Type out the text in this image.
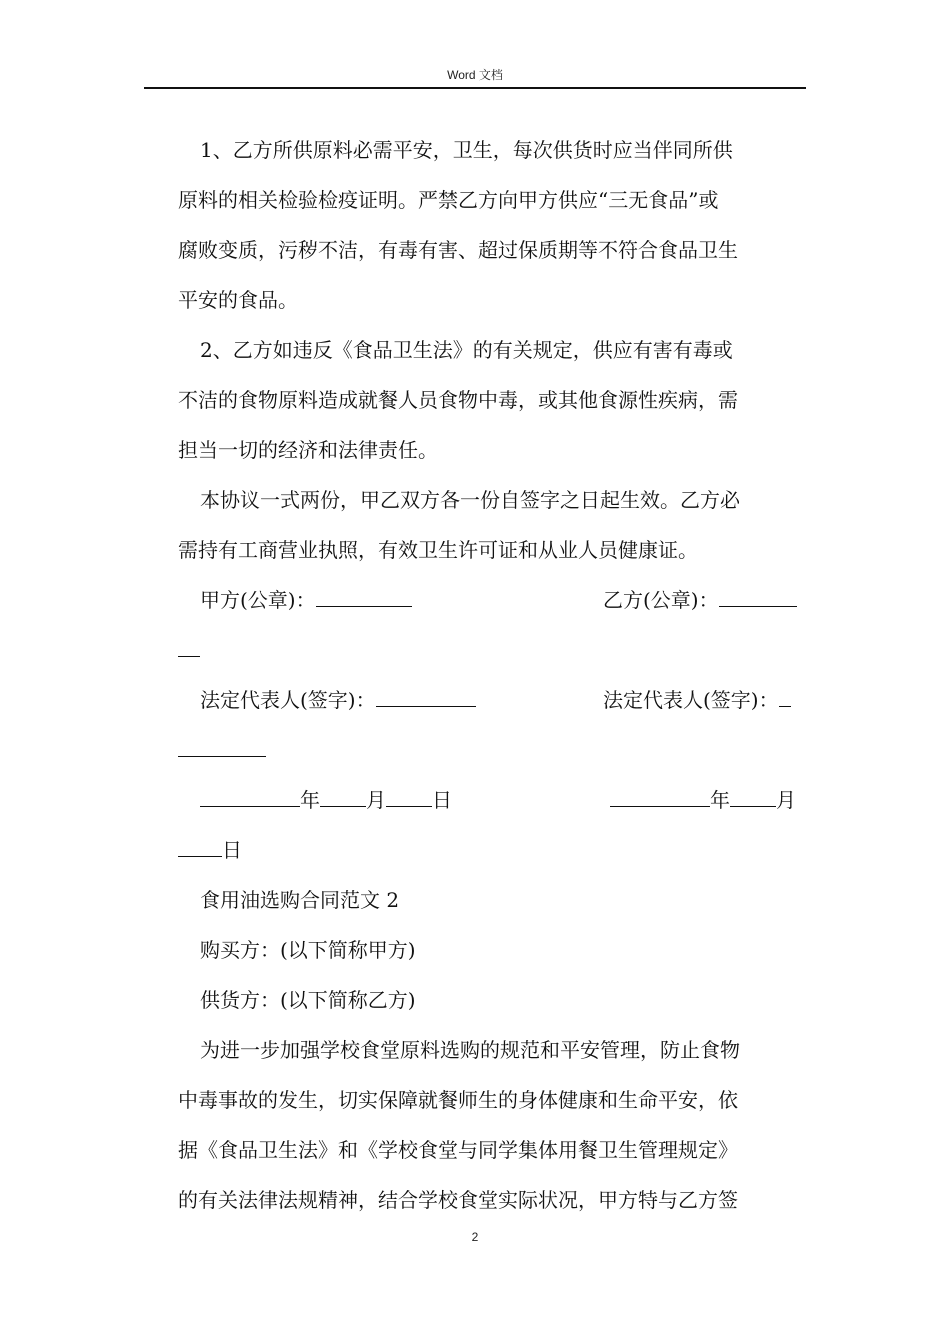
Word 文档
1、乙方所供原料必需平安，卫生，每次供货时应当伴同所供
原料的相关检验检疫证明。严禁乙方向甲方供应“三无食品”或
腐败变质，污秽不洁，有毒有害、超过保质期等不符合食品卫生
平安的食品。
2、乙方如违反《食品卫生法》的有关规定，供应有害有毒或
不洁的食物原料造成就餐人员食物中毒，或其他食源性疾病，需
担当一切的经济和法律责任。
本协议一式两份，甲乙双方各一份自签字之日起生效。乙方必
需持有工商营业执照，有效卫生许可证和从业人员健康证。
甲方(公章)：	乙方(公章)：
法定代表人(签字)：	法定代表人(签字)：
年 月 日	年 月
日
食用油选购合同范文 2
购买方：(以下简称甲方)
供货方：(以下简称乙方)
为进一步加强学校食堂原料选购的规范和平安管理，防止食物
中毒事故的发生，切实保障就餐师生的身体健康和生命平安，依
据《食品卫生法》和《学校食堂与同学集体用餐卫生管理规定》
的有关法律法规精神，结合学校食堂实际状况，甲方特与乙方签
2
